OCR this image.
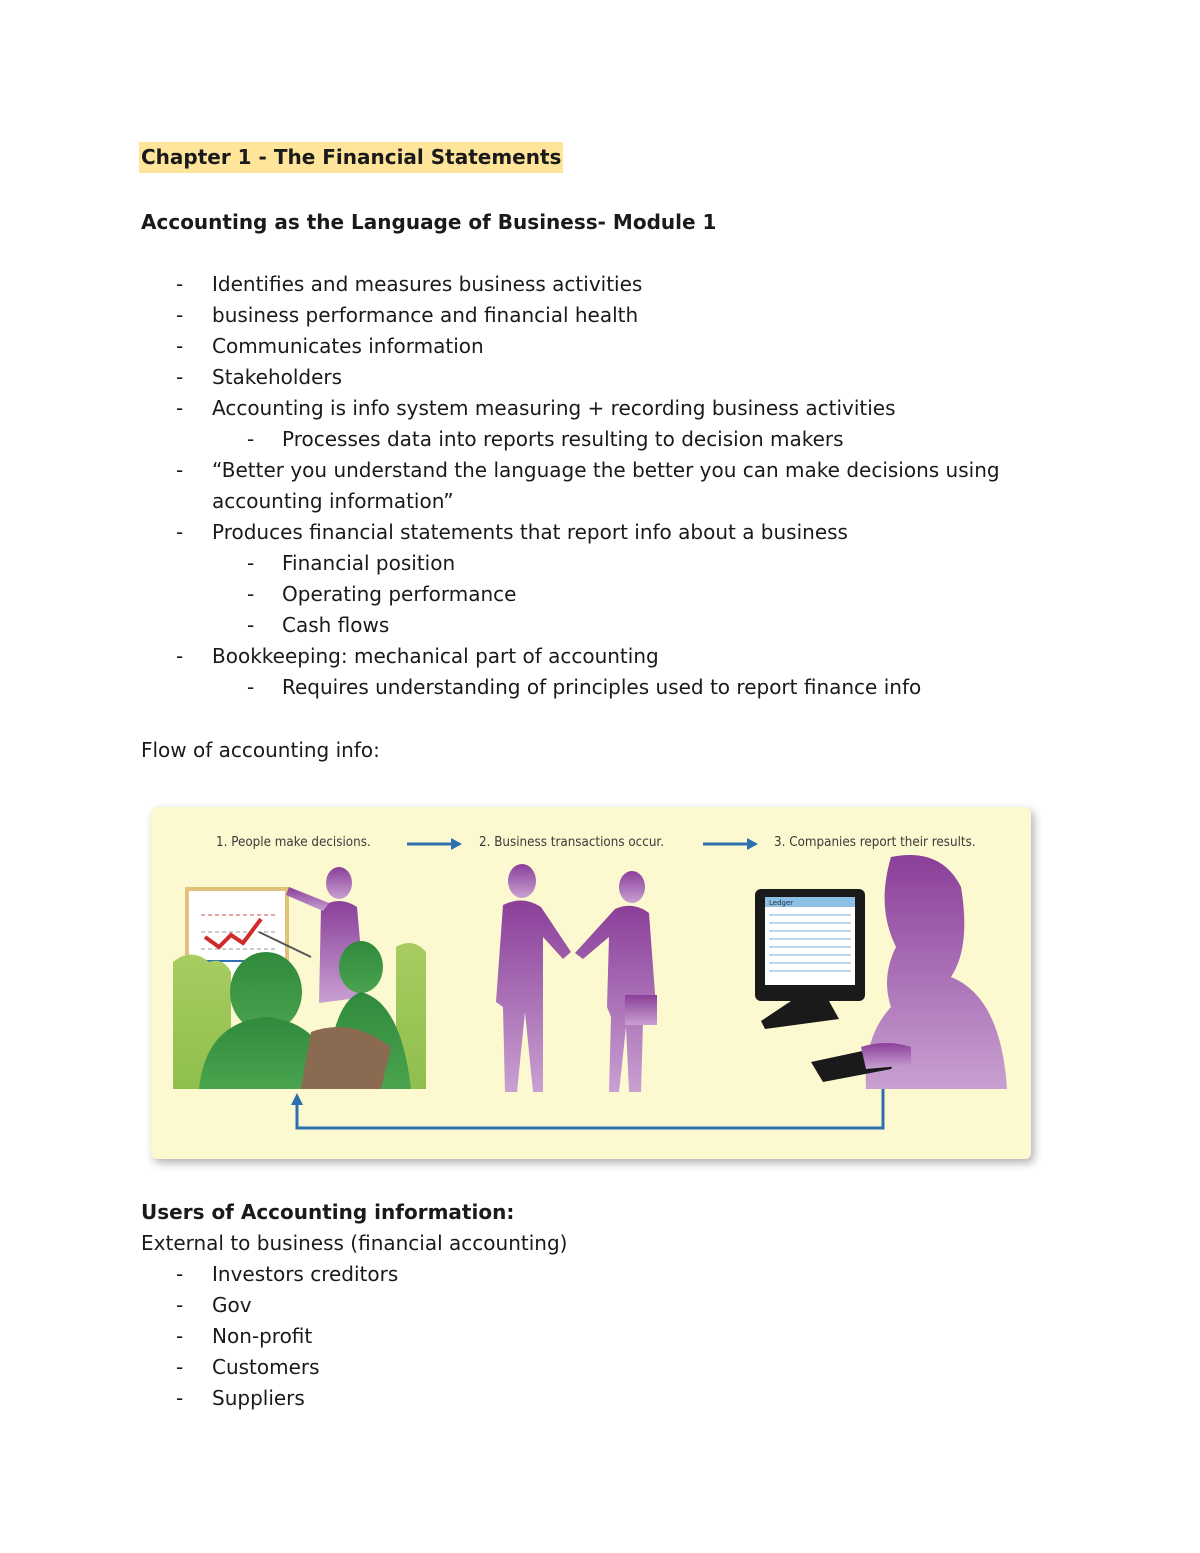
Chapter 1 - The Financial Statements
Accounting as the Language of Business- Module 1
- Identifies and measures business activities
- business performance and financial health
- Communicates information
- Stakeholders
- Accounting is info system measuring + recording business activities
- Processes data into reports resulting to decision makers
- “Better you understand the language the better you can make decisions using
accounting information”
- Produces financial statements that report info about a business
- Financial position
- Operating performance
- Cash flows
- Bookkeeping: mechanical part of accounting
- Requires understanding of principles used to report finance info
Flow of accounting info:
Ledger
1. People make decisions.	2. Business transactions occur.	3. Companies report their results.
Users of Accounting information:
External to business (financial accounting)
- Investors creditors
- Gov
- Non-profit
- Customers
- Suppliers
